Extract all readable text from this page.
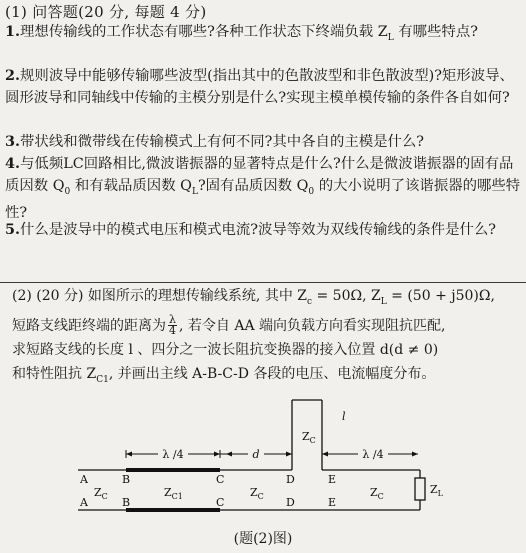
(1) 问答题(20 分, 每题 4 分)
1.理想传输线的工作状态有哪些?各种工作状态下终端负载 $Z_L$ 有哪些特点?
2.规则波导中能够传输哪些波型(指出其中的色散波型和非色散波型)?矩形波导、圆形波导和同轴线中传输的主模分别是什么?实现主模单模传输的条件各自如何?
3.带状线和微带线在传输模式上有何不同?其中各自的主模是什么?
4.与低频LC回路相比,微波谐振器的显著特点是什么?什么是微波谐振器的固有品质因数 $Q_0$ 和有载品质因数 $Q_L$?固有品质因数 $Q_0$ 的大小说明了该谐振器的哪些特性?
5.什么是波导中的模式电压和模式电流?波导等效为双线传输线的条件是什么?
(2) (20 分) 如图所示的理想传输线系统, 其中 $Z_c = 50\Omega$, $Z_L = (50 + j50)\Omega$,
短路支线距终端的距离为 $\frac{\lambda}{4}$ , 若令自 AA 端向负载方向看实现阻抗匹配,
求短路支线的长度 l 、四分之一波长阻抗变换器的接入位置 d(d ≠ 0)
和特性阻抗 $Z_{C1}$, 并画出主线 A-B-C-D 各段的电压、电流幅度分布。
λ /4	d	λ /4
l
$Z_C$
A	B	C	D	E
A	B	C	D	E
$Z_C$	$Z_{C1}$	$Z_C$	$Z_C$
$Z_L$
(题(2)图)
